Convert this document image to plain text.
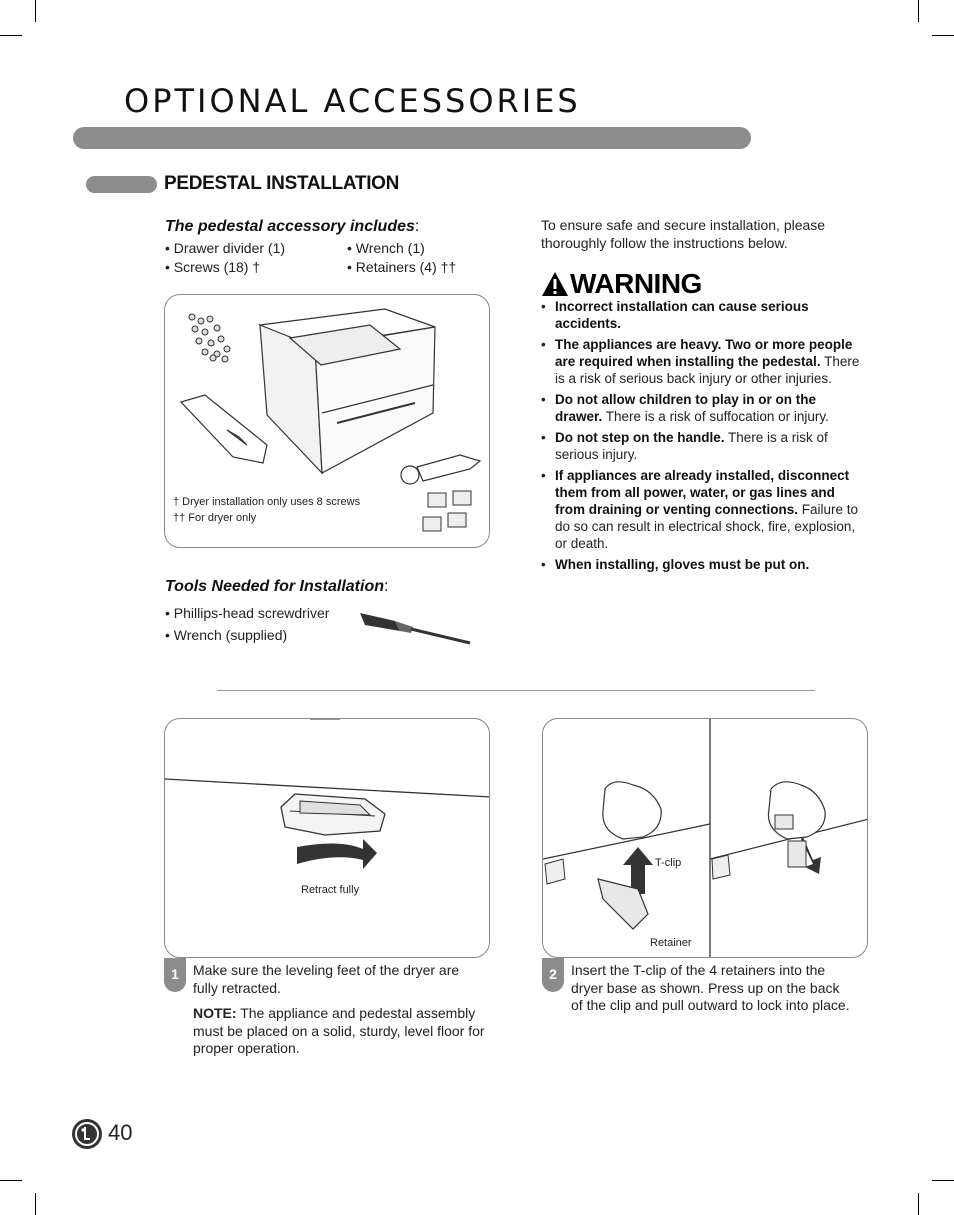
OPTIONAL ACCESSORIES
PEDESTAL INSTALLATION
The pedestal accessory includes:
• Drawer divider (1)	• Wrench (1)
• Screws (18) †	• Retainers (4) ††
† Dryer installation only uses 8 screws
†† For dryer only
Tools Needed for Installation:
• Phillips-head screwdriver
• Wrench (supplied)
To ensure safe and secure installation, please thoroughly follow the instructions below.
WARNING
• Incorrect installation can cause serious accidents.
• The appliances are heavy. Two or more people are required when installing the pedestal. There is a risk of serious back injury or other injuries.
• Do not allow children to play in or on the drawer. There is a risk of suffocation or injury.
• Do not step on the handle. There is a risk of serious injury.
• If appliances are already installed, disconnect them from all power, water, or gas lines and from draining or venting connections. Failure to do so can result in electrical shock, fire, explosion, or death.
• When installing, gloves must be put on.
Retract fully
1	Make sure the leveling feet of the dryer are fully retracted.
NOTE: The appliance and pedestal assembly must be placed on a solid, sturdy, level floor for proper operation.
T-clip
Retainer
2	Insert the T-clip of the 4 retainers into the dryer base as shown. Press up on the back of the clip and pull outward to lock into place.
40
